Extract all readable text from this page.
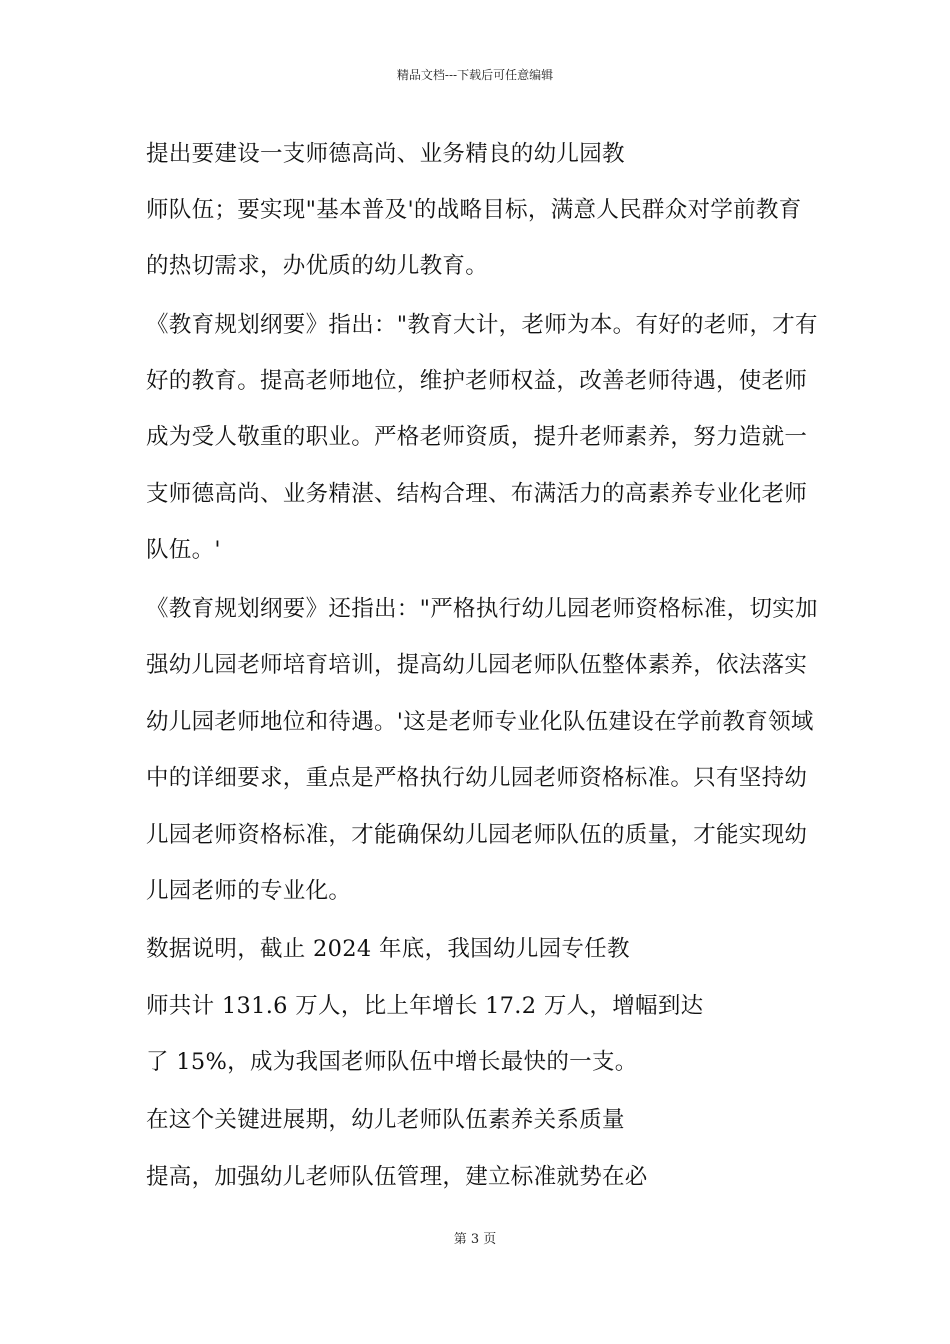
精品文档---下载后可任意编辑
提出要建设一支师德高尚、业务精良的幼儿园教
师队伍；要实现"基本普及'的战略目标，满意人民群众对学前教育
的热切需求，办优质的幼儿教育。
《教育规划纲要》指出："教育大计，老师为本。有好的老师，才有
好的教育。提高老师地位，维护老师权益，改善老师待遇，使老师
成为受人敬重的职业。严格老师资质，提升老师素养，努力造就一
支师德高尚、业务精湛、结构合理、布满活力的高素养专业化老师
队伍。'
《教育规划纲要》还指出："严格执行幼儿园老师资格标准，切实加
强幼儿园老师培育培训，提高幼儿园老师队伍整体素养，依法落实
幼儿园老师地位和待遇。'这是老师专业化队伍建设在学前教育领域
中的详细要求，重点是严格执行幼儿园老师资格标准。只有坚持幼
儿园老师资格标准，才能确保幼儿园老师队伍的质量，才能实现幼
儿园老师的专业化。
数据说明，截止 2024 年底，我国幼儿园专任教
师共计 131.6 万人，比上年增长 17.2 万人，增幅到达
了 15%，成为我国老师队伍中增长最快的一支。
在这个关键进展期，幼儿老师队伍素养关系质量
提高，加强幼儿老师队伍管理，建立标准就势在必
第 3 页
